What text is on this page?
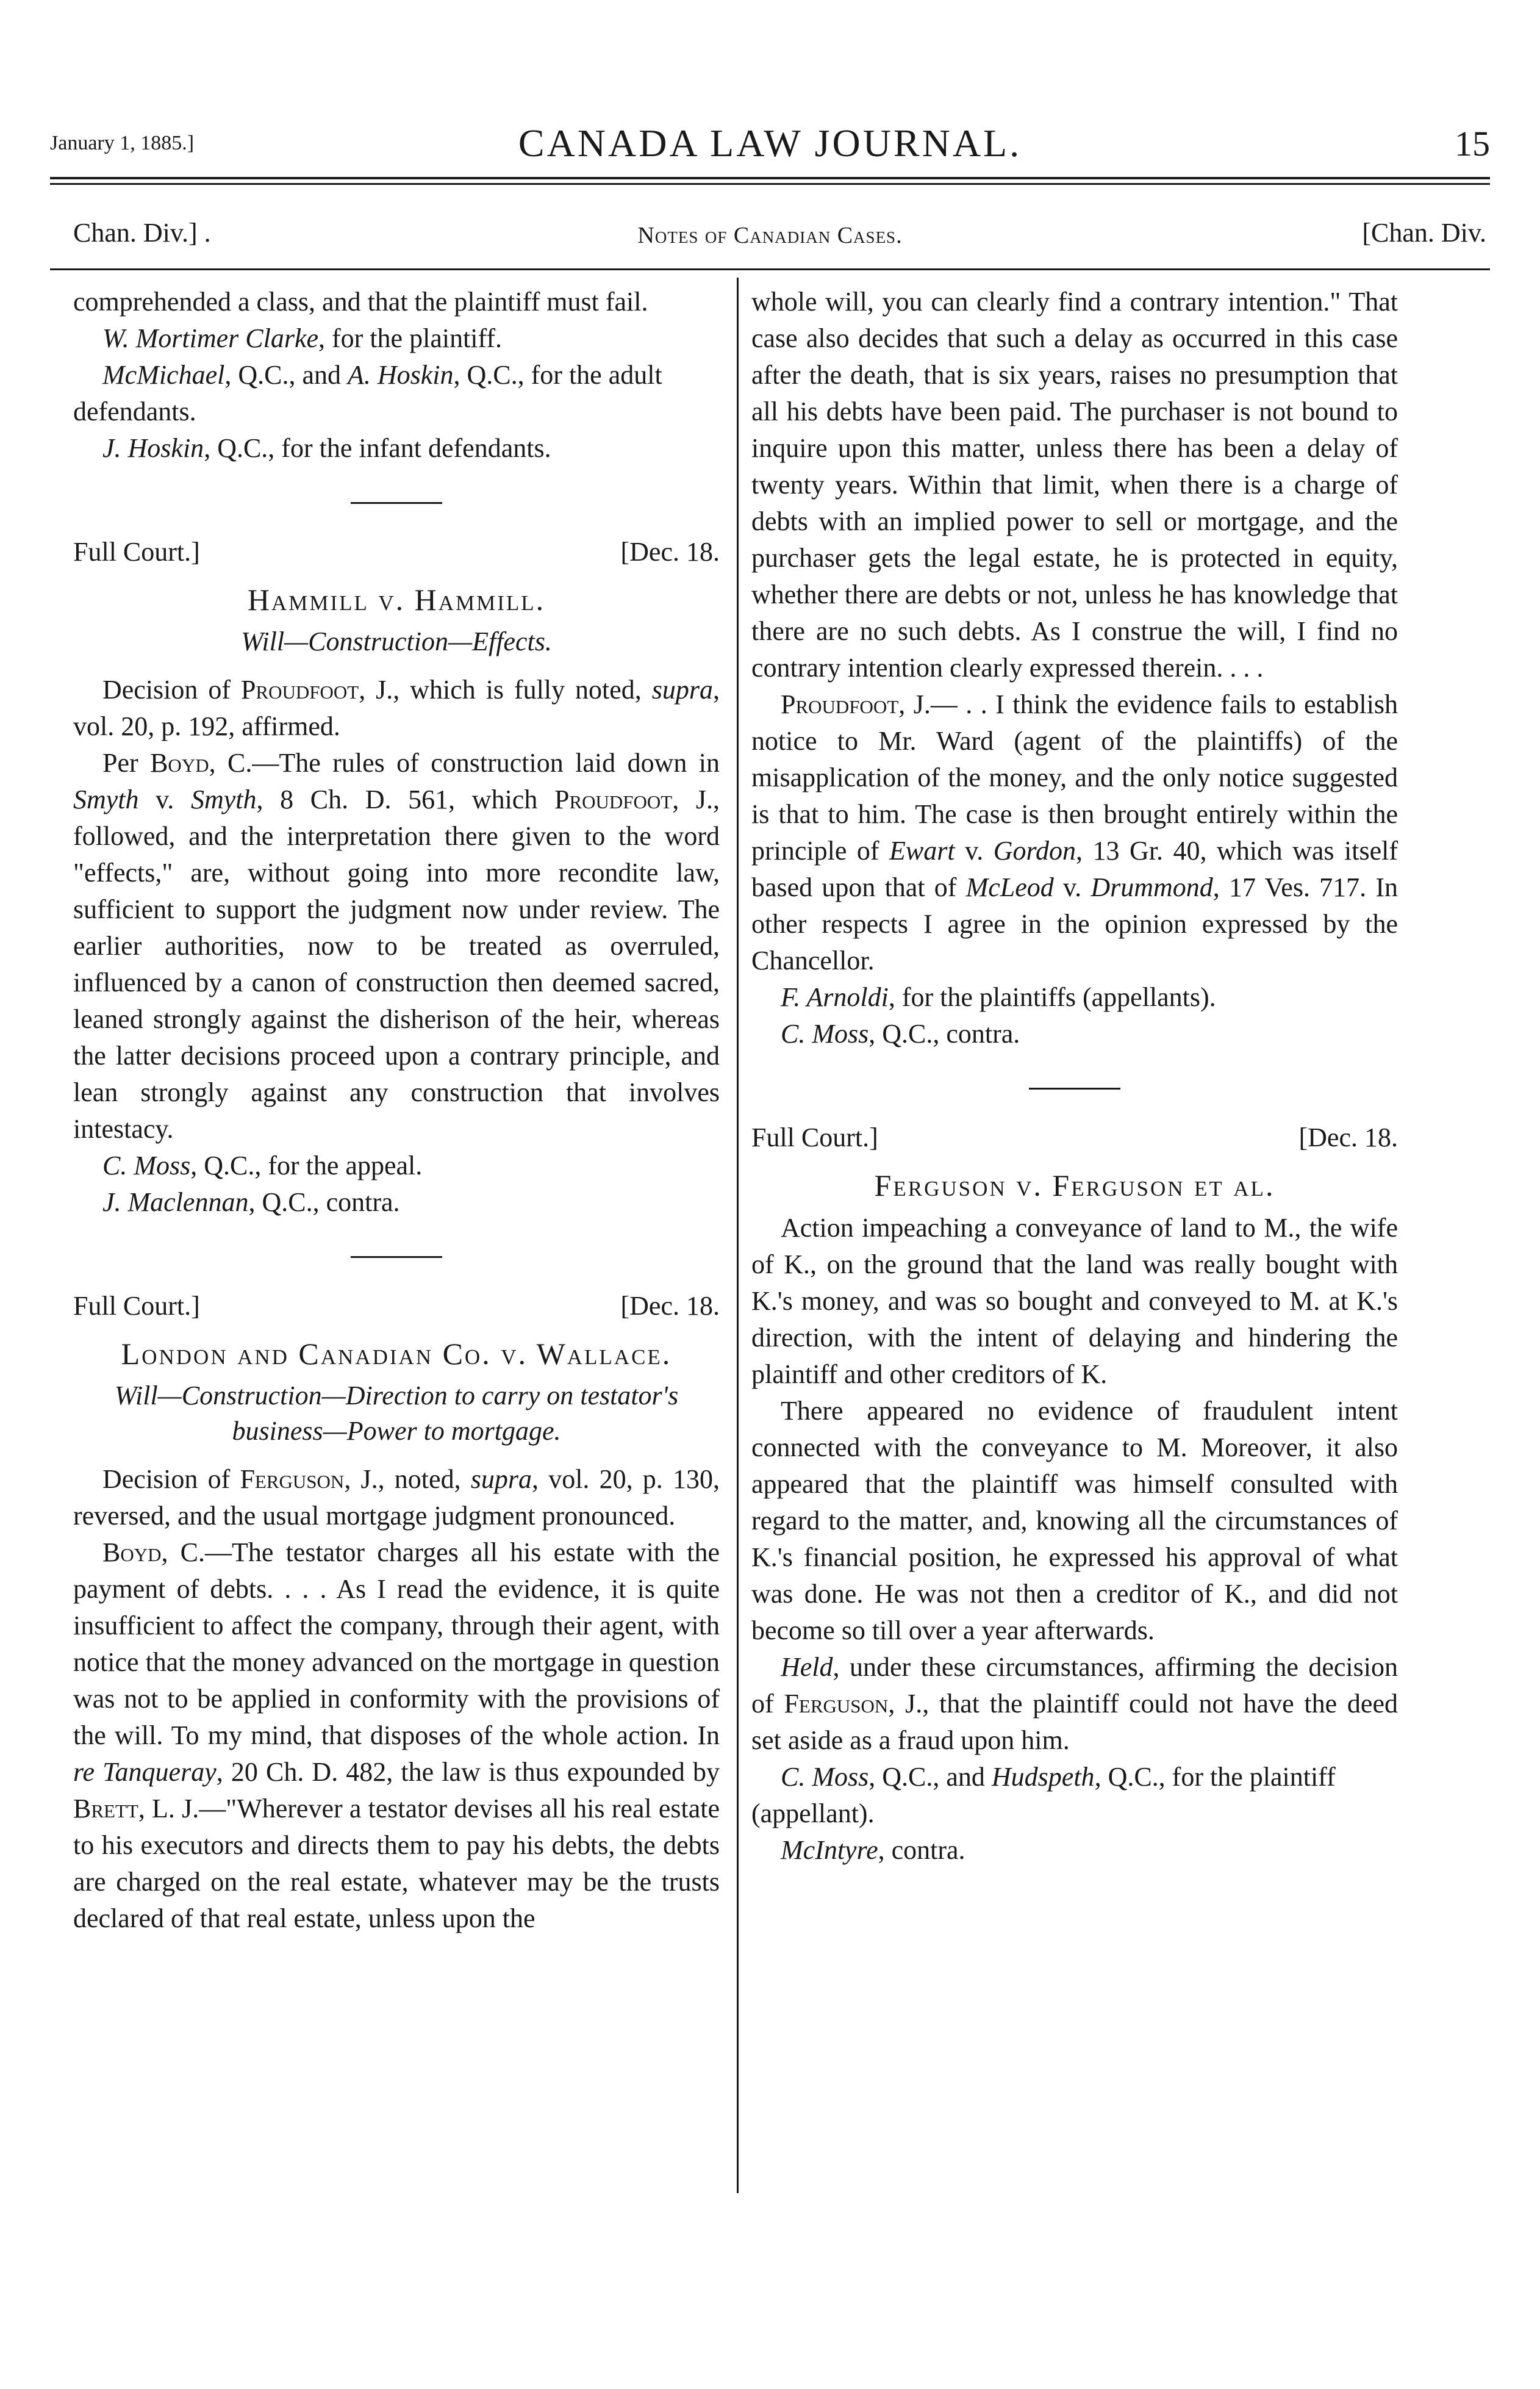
January 1, 1885.]	CANADA LAW JOURNAL.	15
Chan. Div.] .	Notes of Canadian Cases.	[Chan. Div.

comprehended a class, and that the plaintiff must fail.

W. Mortimer Clarke, for the plaintiff.

McMichael, Q.C., and A. Hoskin, Q.C., for the adult defendants.

J. Hoskin, Q.C., for the infant defendants.

Full Court.]	[Dec. 18.
Hammill v. Hammill.
Will—Construction—Effects.

Decision of Proudfoot, J., which is fully noted, supra, vol. 20, p. 192, affirmed.

Per Boyd, C.—The rules of construction laid down in Smyth v. Smyth, 8 Ch. D. 561, which Proudfoot, J., followed, and the interpretation there given to the word "effects," are, without going into more recondite law, sufficient to support the judgment now under review. The earlier authorities, now to be treated as overruled, influenced by a canon of construction then deemed sacred, leaned strongly against the disherison of the heir, whereas the latter decisions proceed upon a contrary principle, and lean strongly against any construction that involves intestacy.

C. Moss, Q.C., for the appeal.

J. Maclennan, Q.C., contra.

Full Court.]	[Dec. 18.
London and Canadian Co. v. Wallace.
Will—Construction—Direction to carry on testator's business—Power to mortgage.

Decision of Ferguson, J., noted, supra, vol. 20, p. 130, reversed, and the usual mortgage judgment pronounced.

Boyd, C.—The testator charges all his estate with the payment of debts. . . . As I read the evidence, it is quite insufficient to affect the company, through their agent, with notice that the money advanced on the mortgage in question was not to be applied in conformity with the provisions of the will. To my mind, that disposes of the whole action. In re Tanqueray, 20 Ch. D. 482, the law is thus expounded by Brett, L. J.—"Wherever a testator devises all his real estate to his executors and directs them to pay his debts, the debts are charged on the real estate, whatever may be the trusts declared of that real estate, unless upon the

whole will, you can clearly find a contrary intention." That case also decides that such a delay as occurred in this case after the death, that is six years, raises no presumption that all his debts have been paid. The purchaser is not bound to inquire upon this matter, unless there has been a delay of twenty years. Within that limit, when there is a charge of debts with an implied power to sell or mortgage, and the purchaser gets the legal estate, he is protected in equity, whether there are debts or not, unless he has knowledge that there are no such debts. As I construe the will, I find no contrary intention clearly expressed therein. . . .

Proudfoot, J.— . . I think the evidence fails to establish notice to Mr. Ward (agent of the plaintiffs) of the misapplication of the money, and the only notice suggested is that to him. The case is then brought entirely within the principle of Ewart v. Gordon, 13 Gr. 40, which was itself based upon that of McLeod v. Drummond, 17 Ves. 717. In other respects I agree in the opinion expressed by the Chancellor.

F. Arnoldi, for the plaintiffs (appellants).

C. Moss, Q.C., contra.

Full Court.]	[Dec. 18.
Ferguson v. Ferguson et al.

Action impeaching a conveyance of land to M., the wife of K., on the ground that the land was really bought with K.'s money, and was so bought and conveyed to M. at K.'s direction, with the intent of delaying and hindering the plaintiff and other creditors of K.

There appeared no evidence of fraudulent intent connected with the conveyance to M. Moreover, it also appeared that the plaintiff was himself consulted with regard to the matter, and, knowing all the circumstances of K.'s financial position, he expressed his approval of what was done. He was not then a creditor of K., and did not become so till over a year afterwards.

Held, under these circumstances, affirming the decision of Ferguson, J., that the plaintiff could not have the deed set aside as a fraud upon him.

C. Moss, Q.C., and Hudspeth, Q.C., for the plaintiff (appellant).

McIntyre, contra.
